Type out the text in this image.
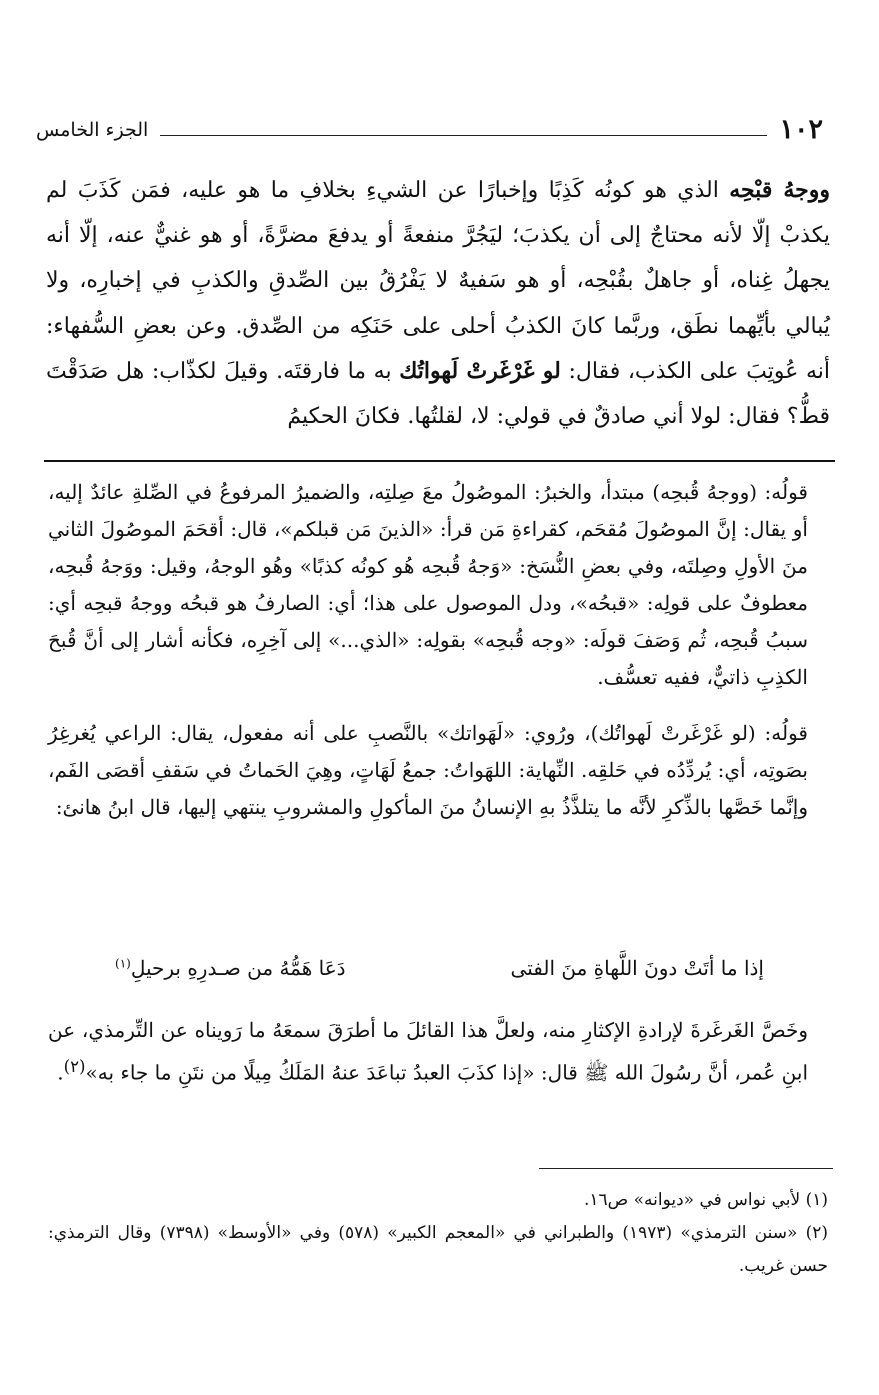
١٠٢
الجزء الخامس

ووجهُ قبْحِه الذي هو كونُه كَذِبًا وإخبارًا عن الشيءِ بخلافِ ما هو عليه، فمَن كَذَبَ لم يكذبْ إلّا لأنه محتاجٌ إلى أن يكذبَ؛ ليَجُرَّ منفعةً أو يدفعَ مضرَّةً، أو هو غنيٌّ عنه، إلّا أنه يجهلُ غِناه، أو جاهلٌ بقُبْحِه، أو هو سَفيهٌ لا يَفْرُقُ بين الصِّدقِ والكذبِ في إخبارِه، ولا يُبالي بأيِّهما نطَق، وربَّما كانَ الكذبُ أحلى على حَنَكِه من الصِّدق. وعن بعضِ السُّفهاء: أنه عُوتِبَ على الكذب، فقال: لو غَرْغَرتْ لَهواتُك به ما فارقتَه. وقيلَ لكذّاب: هل صَدَقْتَ قطُّ؟ فقال: لولا أني صادقٌ في قولي: لا، لقلتُها. فكانَ الحكيمُ

قولُه: (ووجهُ قُبحِه) مبتدأ، والخبرُ: الموصُولُ معَ صِلتِه، والضميرُ المرفوعُ في الصِّلةِ عائدٌ إليه، أو يقال: إنَّ الموصُولَ مُقحَم، كقراءةِ مَن قرأ: «الذينَ مَن قبلكم»، قال: أقحَمَ الموصُولَ الثاني منَ الأولِ وصِلتَه، وفي بعضِ النُّسَخ: «وَجهُ قُبحِه هُو كونُه كذبًا» وهُو الوجهُ، وقيل: ووَجهُ قُبحِه، معطوفٌ على قولِه: «قبحُه»، ودل الموصول على هذا؛ أي: الصارفُ هو قبحُه ووجهُ قبحِه أي: سببُ قُبحِه، ثُم وَصَفَ قولَه: «وجه قُبحِه» بقولِه: «الذي...» إلى آخِرِه، فكأنه أشار إلى أنَّ قُبحَ الكذِبِ ذاتيٌّ، ففيه تعسُّف.

قولُه: (لو غَرْغَرتْ لَهواتُك)، ورُوي: «لَهَواتك» بالنَّصبِ على أنه مفعول، يقال: الراعي يُغرغِرُ بصَوتِه، أي: يُردِّدُه في حَلقِه. النِّهاية: اللهَواتُ: جمعُ لَهَاتٍ، وهِيَ الحَماتُ في سَقفِ أقصَى الفَم، وإنَّما خَصَّها بالذِّكرِ لأنَّه ما يتلذَّذُ بهِ الإنسانُ منَ المأكولِ والمشروبِ ينتهي إليها، قال ابنُ هانئ:

إذا ما أتَتْ دونَ اللَّهاةِ منَ الفتى
دَعَا هَمُّهُ من صـدرِهِ برحيلِ$^{(١)}$

وخَصَّ الغَرغَرةَ لإرادةِ الإكثارِ منه، ولعلَّ هذا القائلَ ما أطرَقَ سمعَهُ ما رَويناه عن التِّرمذي، عن ابنِ عُمر، أنَّ رسُولَ الله ﷺ قال: «إذا كذَبَ العبدُ تباعَدَ عنهُ المَلَكُ مِيلًا من نتَنِ ما جاء به»$^{(٢)}$.

(١) لأبي نواس في «ديوانه» ص١٦.

(٢) «سنن الترمذي» (١٩٧٣) والطبراني في «المعجم الكبير» (٥٧٨) وفي «الأوسط» (٧٣٩٨) وقال الترمذي: حسن غريب.
